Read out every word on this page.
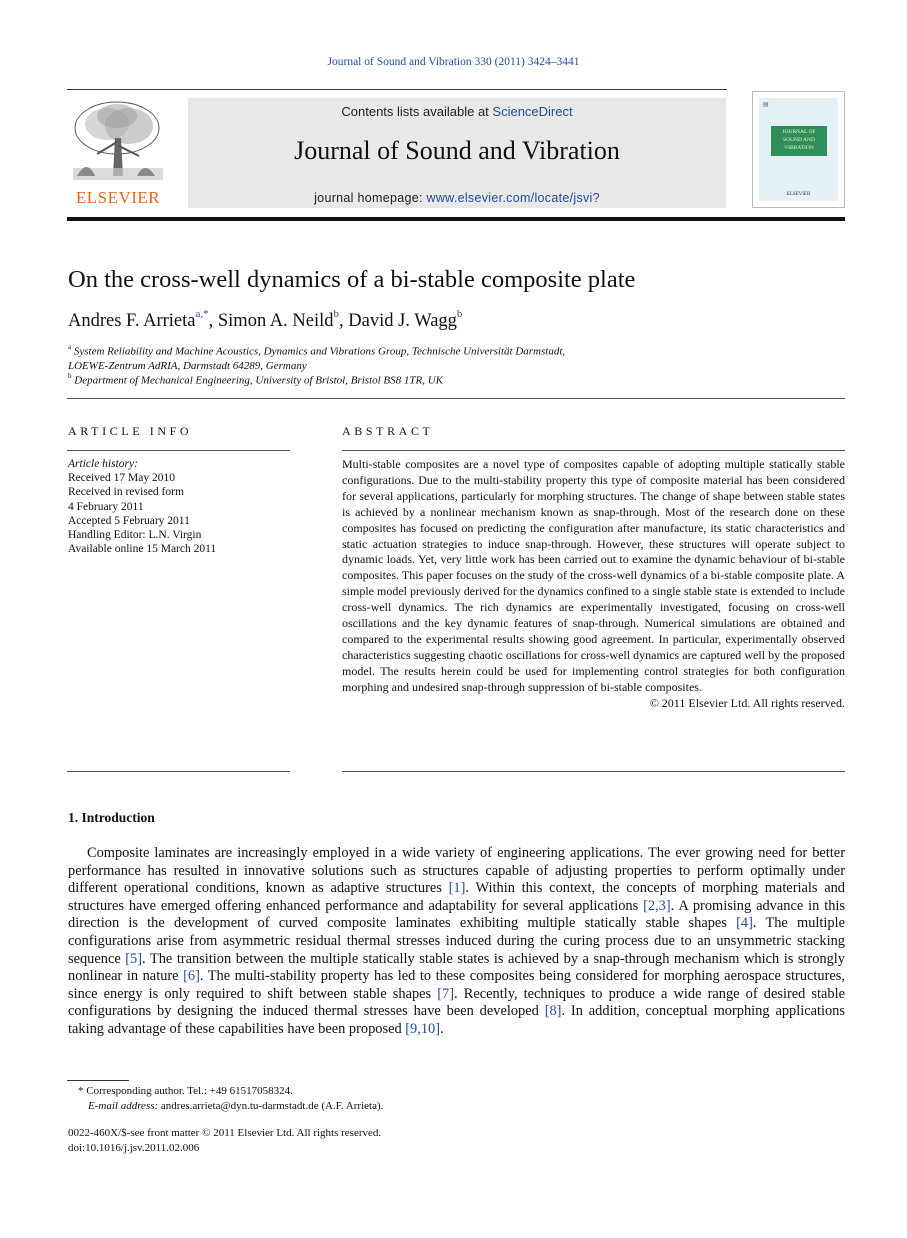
Journal of Sound and Vibration 330 (2011) 3424–3441
ELSEVIER
Contents lists available at ScienceDirect
Journal of Sound and Vibration
journal homepage: www.elsevier.com/locate/jsvi?
▤
JOURNAL OF
SOUND AND
VIBRATION
ELSEVIER
On the cross-well dynamics of a bi-stable composite plate
Andres F. Arrieta$^{a,*}$, Simon A. Neild$^b$, David J. Wagg$^b$
$^a$ System Reliability and Machine Acoustics, Dynamics and Vibrations Group, Technische Universität Darmstadt,
LOEWE-Zentrum AdRIA, Darmstadt 64289, Germany
$^b$ Department of Mechanical Engineering, University of Bristol, Bristol BS8 1TR, UK
ARTICLE INFO
Article history:
Received 17 May 2010
Received in revised form
4 February 2011
Accepted 5 February 2011
Handling Editor: L.N. Virgin
Available online 15 March 2011
ABSTRACT
Multi-stable composites are a novel type of composites capable of adopting multiple statically stable configurations. Due to the multi-stability property this type of composite material has been considered for several applications, particularly for morphing structures. The change of shape between stable states is achieved by a nonlinear mechanism known as snap-through. Most of the research done on these composites has focused on predicting the configuration after manufacture, its static characteristics and static actuation strategies to induce snap-through. However, these structures will operate subject to dynamic loads. Yet, very little work has been carried out to examine the dynamic behaviour of bi-stable composites. This paper focuses on the study of the cross-well dynamics of a bi-stable composite plate. A simple model previously derived for the dynamics confined to a single stable state is extended to include cross-well dynamics. The rich dynamics are experimentally investigated, focusing on cross-well oscillations and the key dynamic features of snap-through. Numerical simulations are obtained and compared to the experimental results showing good agreement. In particular, experimentally observed characteristics suggesting chaotic oscillations for cross-well dynamics are captured well by the proposed model. The results herein could be used for implementing control strategies for both configuration morphing and undesired snap-through suppression of bi-stable composites.
© 2011 Elsevier Ltd. All rights reserved.
1. Introduction
Composite laminates are increasingly employed in a wide variety of engineering applications. The ever growing need for better performance has resulted in innovative solutions such as structures capable of adjusting properties to perform optimally under different operational conditions, known as adaptive structures [1]. Within this context, the concepts of morphing materials and structures have emerged offering enhanced performance and adaptability for several applications [2,3]. A promising advance in this direction is the development of curved composite laminates exhibiting multiple statically stable shapes [4]. The multiple configurations arise from asymmetric residual thermal stresses induced during the curing process due to an unsymmetric stacking sequence [5]. The transition between the multiple statically stable states is achieved by a snap-through mechanism which is strongly nonlinear in nature [6]. The multi-stability property has led to these composites being considered for morphing aerospace structures, since energy is only required to shift between stable shapes [7]. Recently, techniques to produce a wide range of desired stable configurations by designing the induced thermal stresses have been developed [8]. In addition, conceptual morphing applications taking advantage of these capabilities have been proposed [9,10].
* Corresponding author. Tel.: +49 61517058324.
E-mail address: andres.arrieta@dyn.tu-darmstadt.de (A.F. Arrieta).
0022-460X/$-see front matter © 2011 Elsevier Ltd. All rights reserved.
doi:10.1016/j.jsv.2011.02.006
